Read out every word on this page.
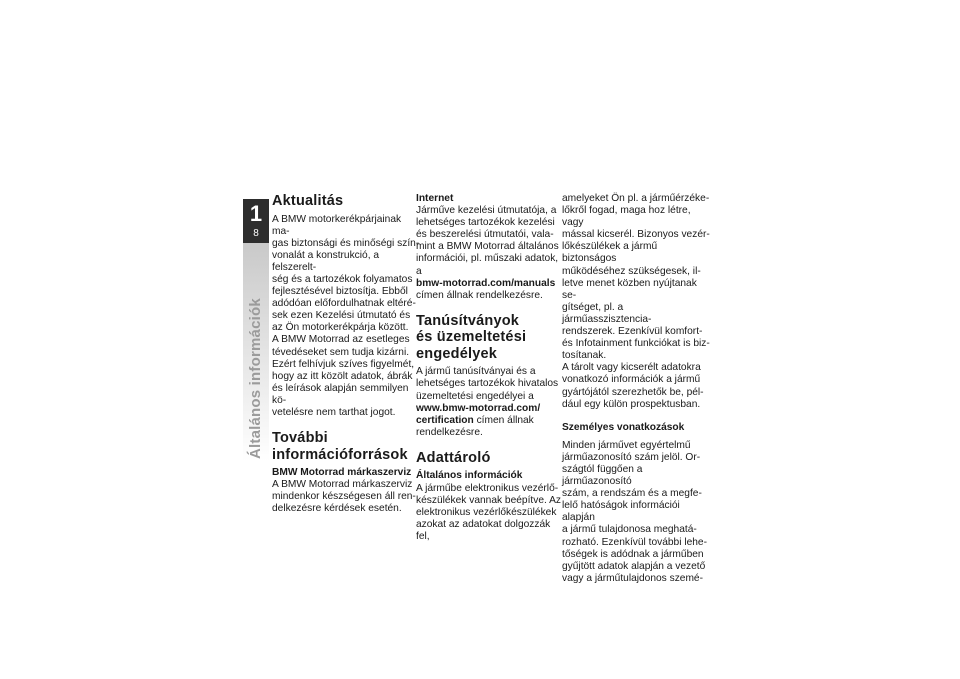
1
8
Általános információk
Aktualitás

A BMW motorkerékpárjainak ma-
gas biztonsági és minőségi szín-
vonalát a konstrukció, a felszerelt-
ség és a tartozékok folyamatos
fejlesztésével biztosítja. Ebből
adódóan előfordulhatnak eltéré-
sek ezen Kezelési útmutató és
az Ön motorkerékpárja között.
A BMW Motorrad az esetleges
tévedéseket sem tudja kizárni.
Ezért felhívjuk szíves figyelmét,
hogy az itt közölt adatok, ábrák
és leírások alapján semmilyen kö-
vetelésre nem tarthat jogot.

További
információforrások
BMW Motorrad márkaszerviz

A BMW Motorrad márkaszerviz
mindenkor készségesen áll ren-
delkezésre kérdések esetén.

Internet

Járműve kezelési útmutatója, a
lehetséges tartozékok kezelési
és beszerelési útmutatói, vala-
mint a BMW Motorrad általános
információi, pl. műszaki adatok, a
bmw-motorrad.com/manuals
címen állnak rendelkezésre.

Tanúsítványok
és üzemeltetési
engedélyek

A jármű tanúsítványai és a
lehetséges tartozékok hivatalos
üzemeltetési engedélyei a
www.bmw-motorrad.com/
certification címen állnak
rendelkezésre.

Adattároló
Általános információk

A járműbe elektronikus vezérlő-
készülékek vannak beépítve. Az
elektronikus vezérlőkészülékek
azokat az adatokat dolgozzák fel,

amelyeket Ön pl. a járműérzéke-
lőkről fogad, maga hoz létre, vagy
mással kicserél. Bizonyos vezér-
lőkészülékek a jármű biztonságos
működéséhez szükségesek, il-
letve menet közben nyújtanak se-
gítséget, pl. a járműasszisztencia-
rendszerek. Ezenkívül komfort-
és Infotainment funkciókat is biz-
tosítanak.
A tárolt vagy kicserélt adatokra
vonatkozó információk a jármű
gyártójától szerezhetők be, pél-
dául egy külön prospektusban.

Személyes vonatkozások

Minden járművet egyértelmű
járműazonosító szám jelöl. Or-
szágtól függően a járműazonosító
szám, a rendszám és a megfe-
lelő hatóságok információi alapján
a jármű tulajdonosa meghatá-
rozható. Ezenkívül további lehe-
tőségek is adódnak a járműben
gyűjtött adatok alapján a vezető
vagy a járműtulajdonos szemé-
